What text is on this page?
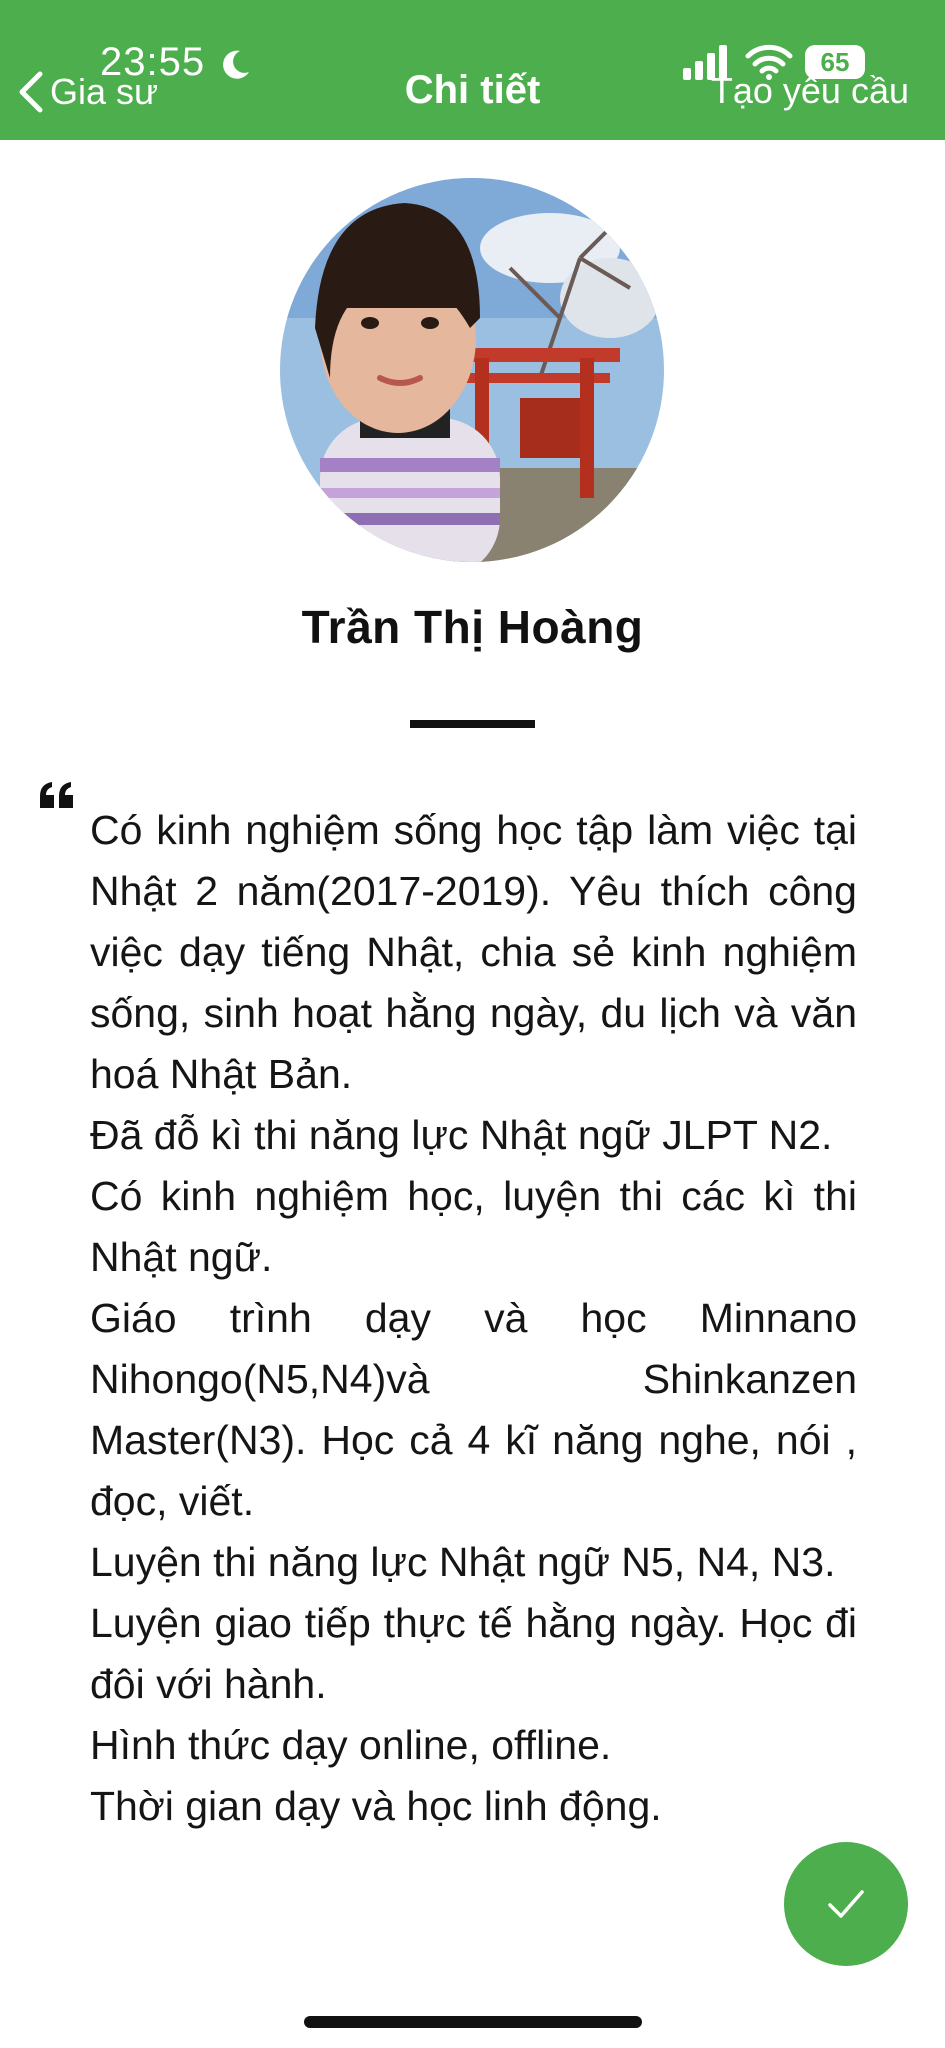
23:55
Gia sư	Chi tiết
65
Tạo yêu cầu
Trần Thị Hoàng
Có kinh nghiệm sống học tập làm việc tại Nhật 2 năm(2017-2019). Yêu thích công việc dạy tiếng Nhật, chia sẻ kinh nghiệm sống, sinh hoạt hằng ngày, du lịch và văn hoá Nhật Bản.
Đã đỗ kì thi năng lực Nhật ngữ JLPT N2.
Có kinh nghiệm học, luyện thi các kì thi Nhật ngữ.
Giáo trình dạy và học Minnano Nihongo(N5,N4)và Shinkanzen Master(N3). Học cả 4 kĩ năng nghe, nói , đọc, viết.
Luyện thi năng lực Nhật ngữ N5, N4, N3.
Luyện giao tiếp thực tế hằng ngày. Học đi đôi với hành.
Hình thức dạy online, offline.
Thời gian dạy và học linh động.
